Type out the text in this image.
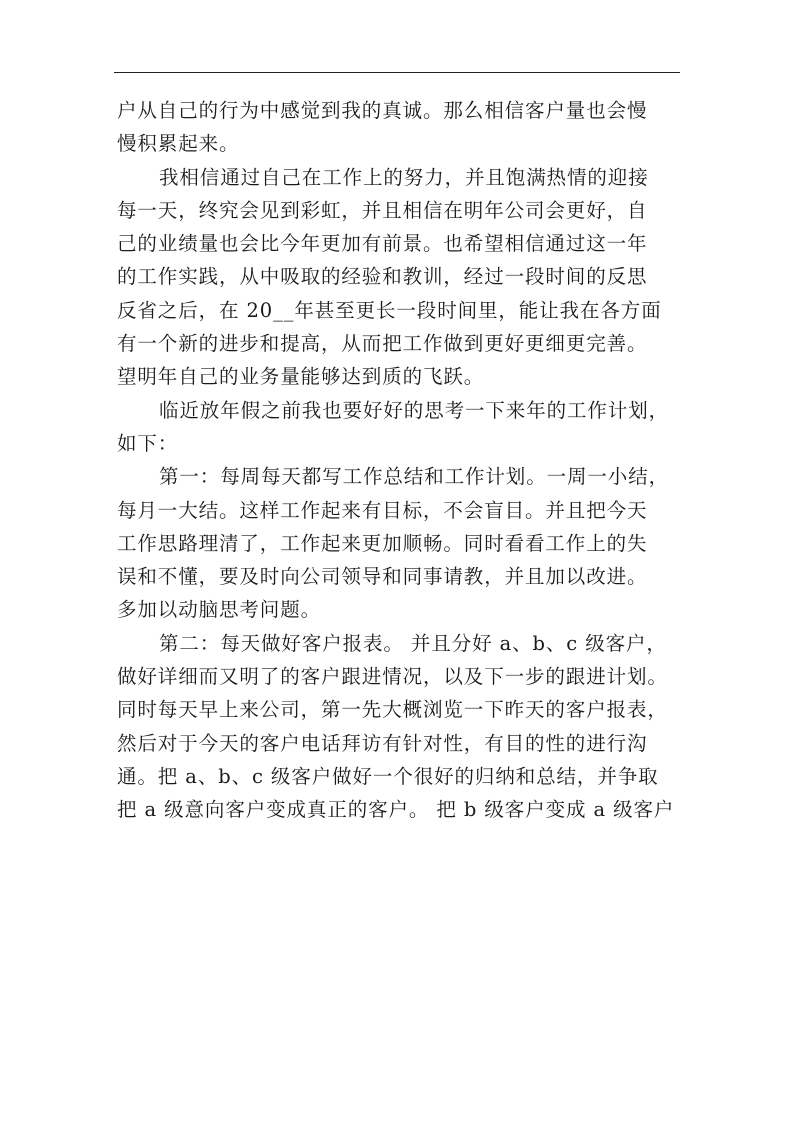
户从自己的行为中感觉到我的真诚。那么相信客户量也会慢
慢积累起来。
我相信通过自己在工作上的努力，并且饱满热情的迎接
每一天，终究会见到彩虹，并且相信在明年公司会更好，自
己的业绩量也会比今年更加有前景。也希望相信通过这一年
的工作实践，从中吸取的经验和教训，经过一段时间的反思
反省之后，在 20__年甚至更长一段时间里，能让我在各方面
有一个新的进步和提高，从而把工作做到更好更细更完善。
望明年自己的业务量能够达到质的飞跃。
临近放年假之前我也要好好的思考一下来年的工作计划，
如下：
第一：每周每天都写工作总结和工作计划。一周一小结，
每月一大结。这样工作起来有目标，不会盲目。并且把今天
工作思路理清了，工作起来更加顺畅。同时看看工作上的失
误和不懂，要及时向公司领导和同事请教，并且加以改进。
多加以动脑思考问题。
第二：每天做好客户报表。 并且分好 a、b、c 级客户，
做好详细而又明了的客户跟进情况，以及下一步的跟进计划。
同时每天早上来公司，第一先大概浏览一下昨天的客户报表，
然后对于今天的客户电话拜访有针对性，有目的性的进行沟
通。把 a、b、c 级客户做好一个很好的归纳和总结，并争取
把 a 级意向客户变成真正的客户。 把 b 级客户变成 a 级客户
